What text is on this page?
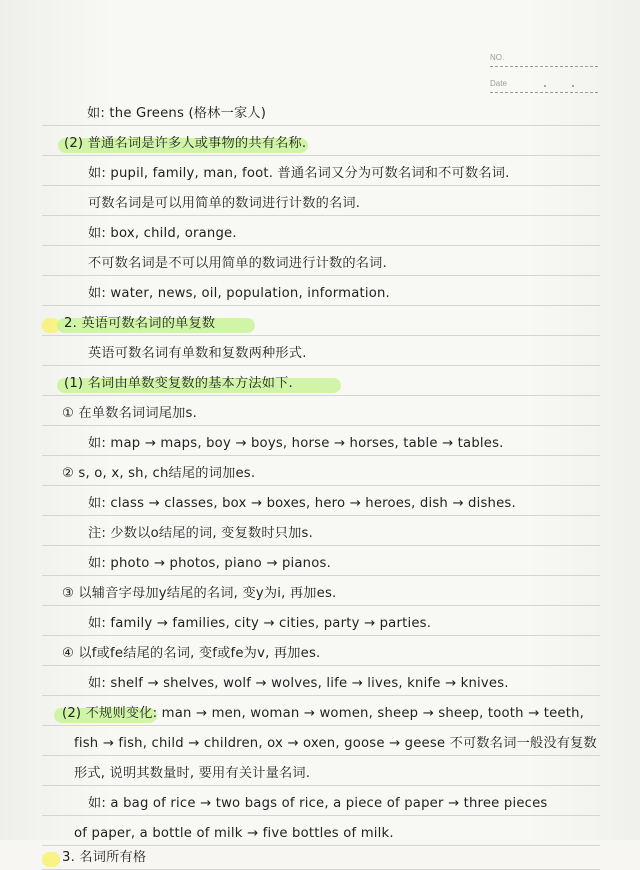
NO.
Date
如: the Greens (格林一家人)
(2) 普通名词是许多人或事物的共有名称.
如: pupil, family, man, foot. 普通名词又分为可数名词和不可数名词.
可数名词是可以用简单的数词进行计数的名词.
如: box, child, orange.
不可数名词是不可以用简单的数词进行计数的名词.
如: water, news, oil, population, information.
2. 英语可数名词的单复数
英语可数名词有单数和复数两种形式.
(1) 名词由单数变复数的基本方法如下.
① 在单数名词词尾加s.
如: map → maps, boy → boys, horse → horses, table → tables.
② s, o, x, sh, ch结尾的词加es.
如: class → classes, box → boxes, hero → heroes, dish → dishes.
注: 少数以o结尾的词, 变复数时只加s.
如: photo → photos, piano → pianos.
③ 以辅音字母加y结尾的名词, 变y为i, 再加es.
如: family → families, city → cities, party → parties.
④ 以f或fe结尾的名词, 变f或fe为v, 再加es.
如: shelf → shelves, wolf → wolves, life → lives, knife → knives.
(2) 不规则变化: man → men, woman → women, sheep → sheep, tooth → teeth,
fish → fish, child → children, ox → oxen, goose → geese 不可数名词一般没有复数
形式, 说明其数量时, 要用有关计量名词.
如: a bag of rice → two bags of rice, a piece of paper → three pieces
of paper, a bottle of milk → five bottles of milk.
3. 名词所有格
